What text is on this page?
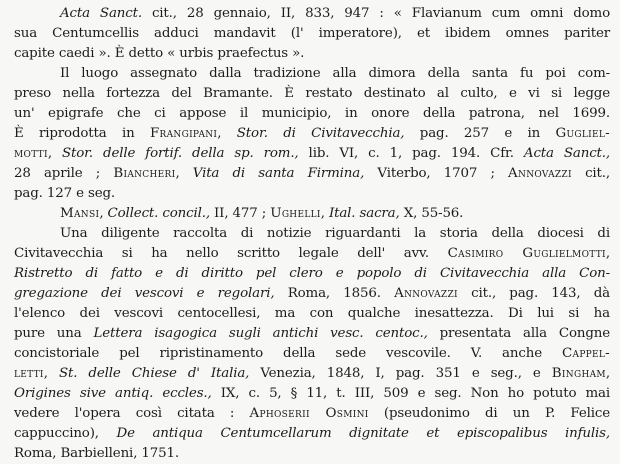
Acta Sanct. cit., 28 gennaio, II, 833, 947 : « Flavianum cum omni domo
sua Centumcellis adduci mandavit (l' imperatore), et ibidem omnes pariter
capite caedi ». È detto « urbis praefectus ».
Il luogo assegnato dalla tradizione alla dimora della santa fu poi com-
preso nella fortezza del Bramante. È restato destinato al culto, e vi si legge
un' epigrafe che ci appose il municipio, in onore della patrona, nel 1699.
È riprodotta in Frangipani, Stor. di Civitavecchia, pag. 257 e in Gugliel-
motti, Stor. delle fortif. della sp. rom., lib. VI, c. 1, pag. 194. Cfr. Acta Sanct.,
28 aprile ; Biancheri, Vita di santa Firmina, Viterbo, 1707 ; Annovazzi cit.,
pag. 127 e seg.
Mansi, Collect. concil., II, 477 ; Ughelli, Ital. sacra, X, 55-56.
Una diligente raccolta di notizie riguardanti la storia della diocesi di
Civitavecchia si ha nello scritto legale dell' avv. Casimiro Guglielmotti,
Ristretto di fatto e di diritto pel clero e popolo di Civitavecchia alla Con-
gregazione dei vescovi e regolari, Roma, 1856. Annovazzi cit., pag. 143, dà
l'elenco dei vescovi centocellesi, ma con qualche inesattezza. Di lui si ha
pure una Lettera isagogica sugli antichi vesc. centoc., presentata alla Congne
concistoriale pel ripristinamento della sede vescovile. V. anche Cappel-
letti, St. delle Chiese d' Italia, Venezia, 1848, I, pag. 351 e seg., e Bingham,
Origines sive antiq. eccles., IX, c. 5, § 11, t. III, 509 e seg. Non ho potuto mai
vedere l'opera così citata : Aphoserii Osmini (pseudonimo di un P. Felice
cappuccino), De antiqua Centumcellarum dignitate et episcopalibus infulis,
Roma, Barbielleni, 1751.
